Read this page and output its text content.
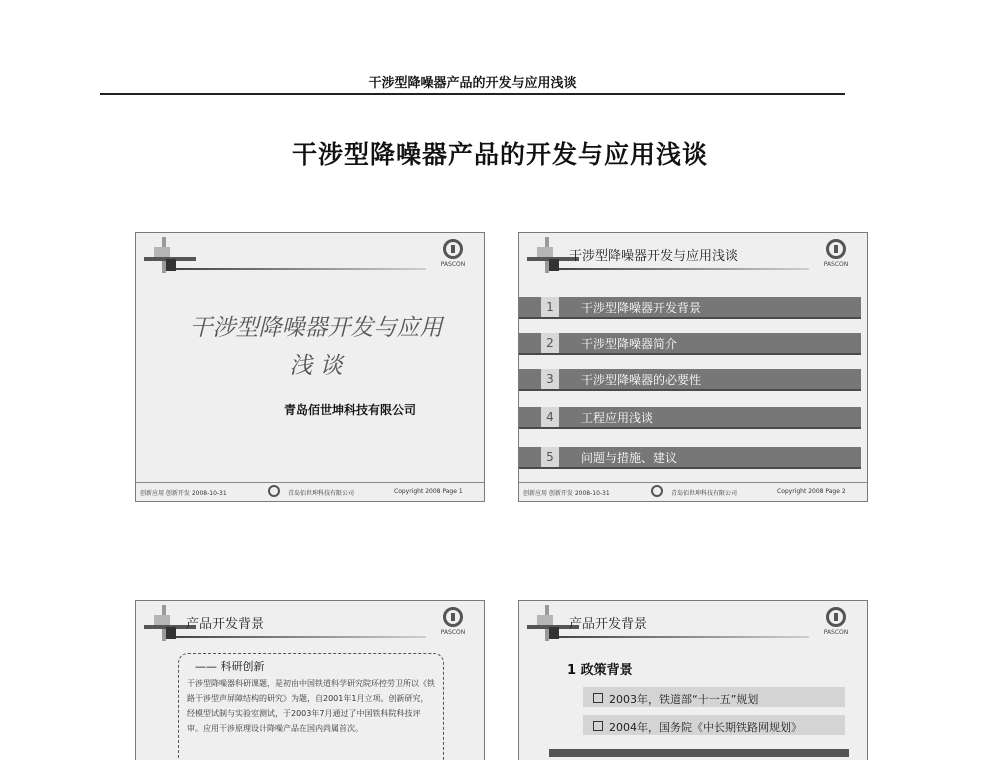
干涉型降噪器产品的开发与应用浅谈
干涉型降噪器产品的开发与应用浅谈
PASCON
干涉型降噪器开发与应用
浅 谈
青岛佰世坤科技有限公司
创新应用 创新开发 2008-10-31	青岛佰世坤科技有限公司	Copyright 2008 Page 1
干涉型降噪器开发与应用浅谈
PASCON
1	干涉型降噪器开发背景
2	干涉型降噪器简介
3	干涉型降噪器的必要性
4	工程应用浅谈
5	问题与措施、建议
创新应用 创新开发 2008-10-31	青岛佰世坤科技有限公司	Copyright 2008 Page 2
产品开发背景
PASCON
—— 科研创新
干涉型降噪器科研课题，是初由中国铁道科学研究院环控劳卫所以《铁路干涉型声屏障结构的研究》为题，自2001年1月立项。创新研究，经模型试制与实验室测试，于2003年7月通过了中国铁科院科技评审。应用干涉原理设计降噪产品在国内尚属首次。
产品开发背景
PASCON
1 政策背景
2003年，铁道部“十一五”规划
2004年，国务院《中长期铁路网规划》
